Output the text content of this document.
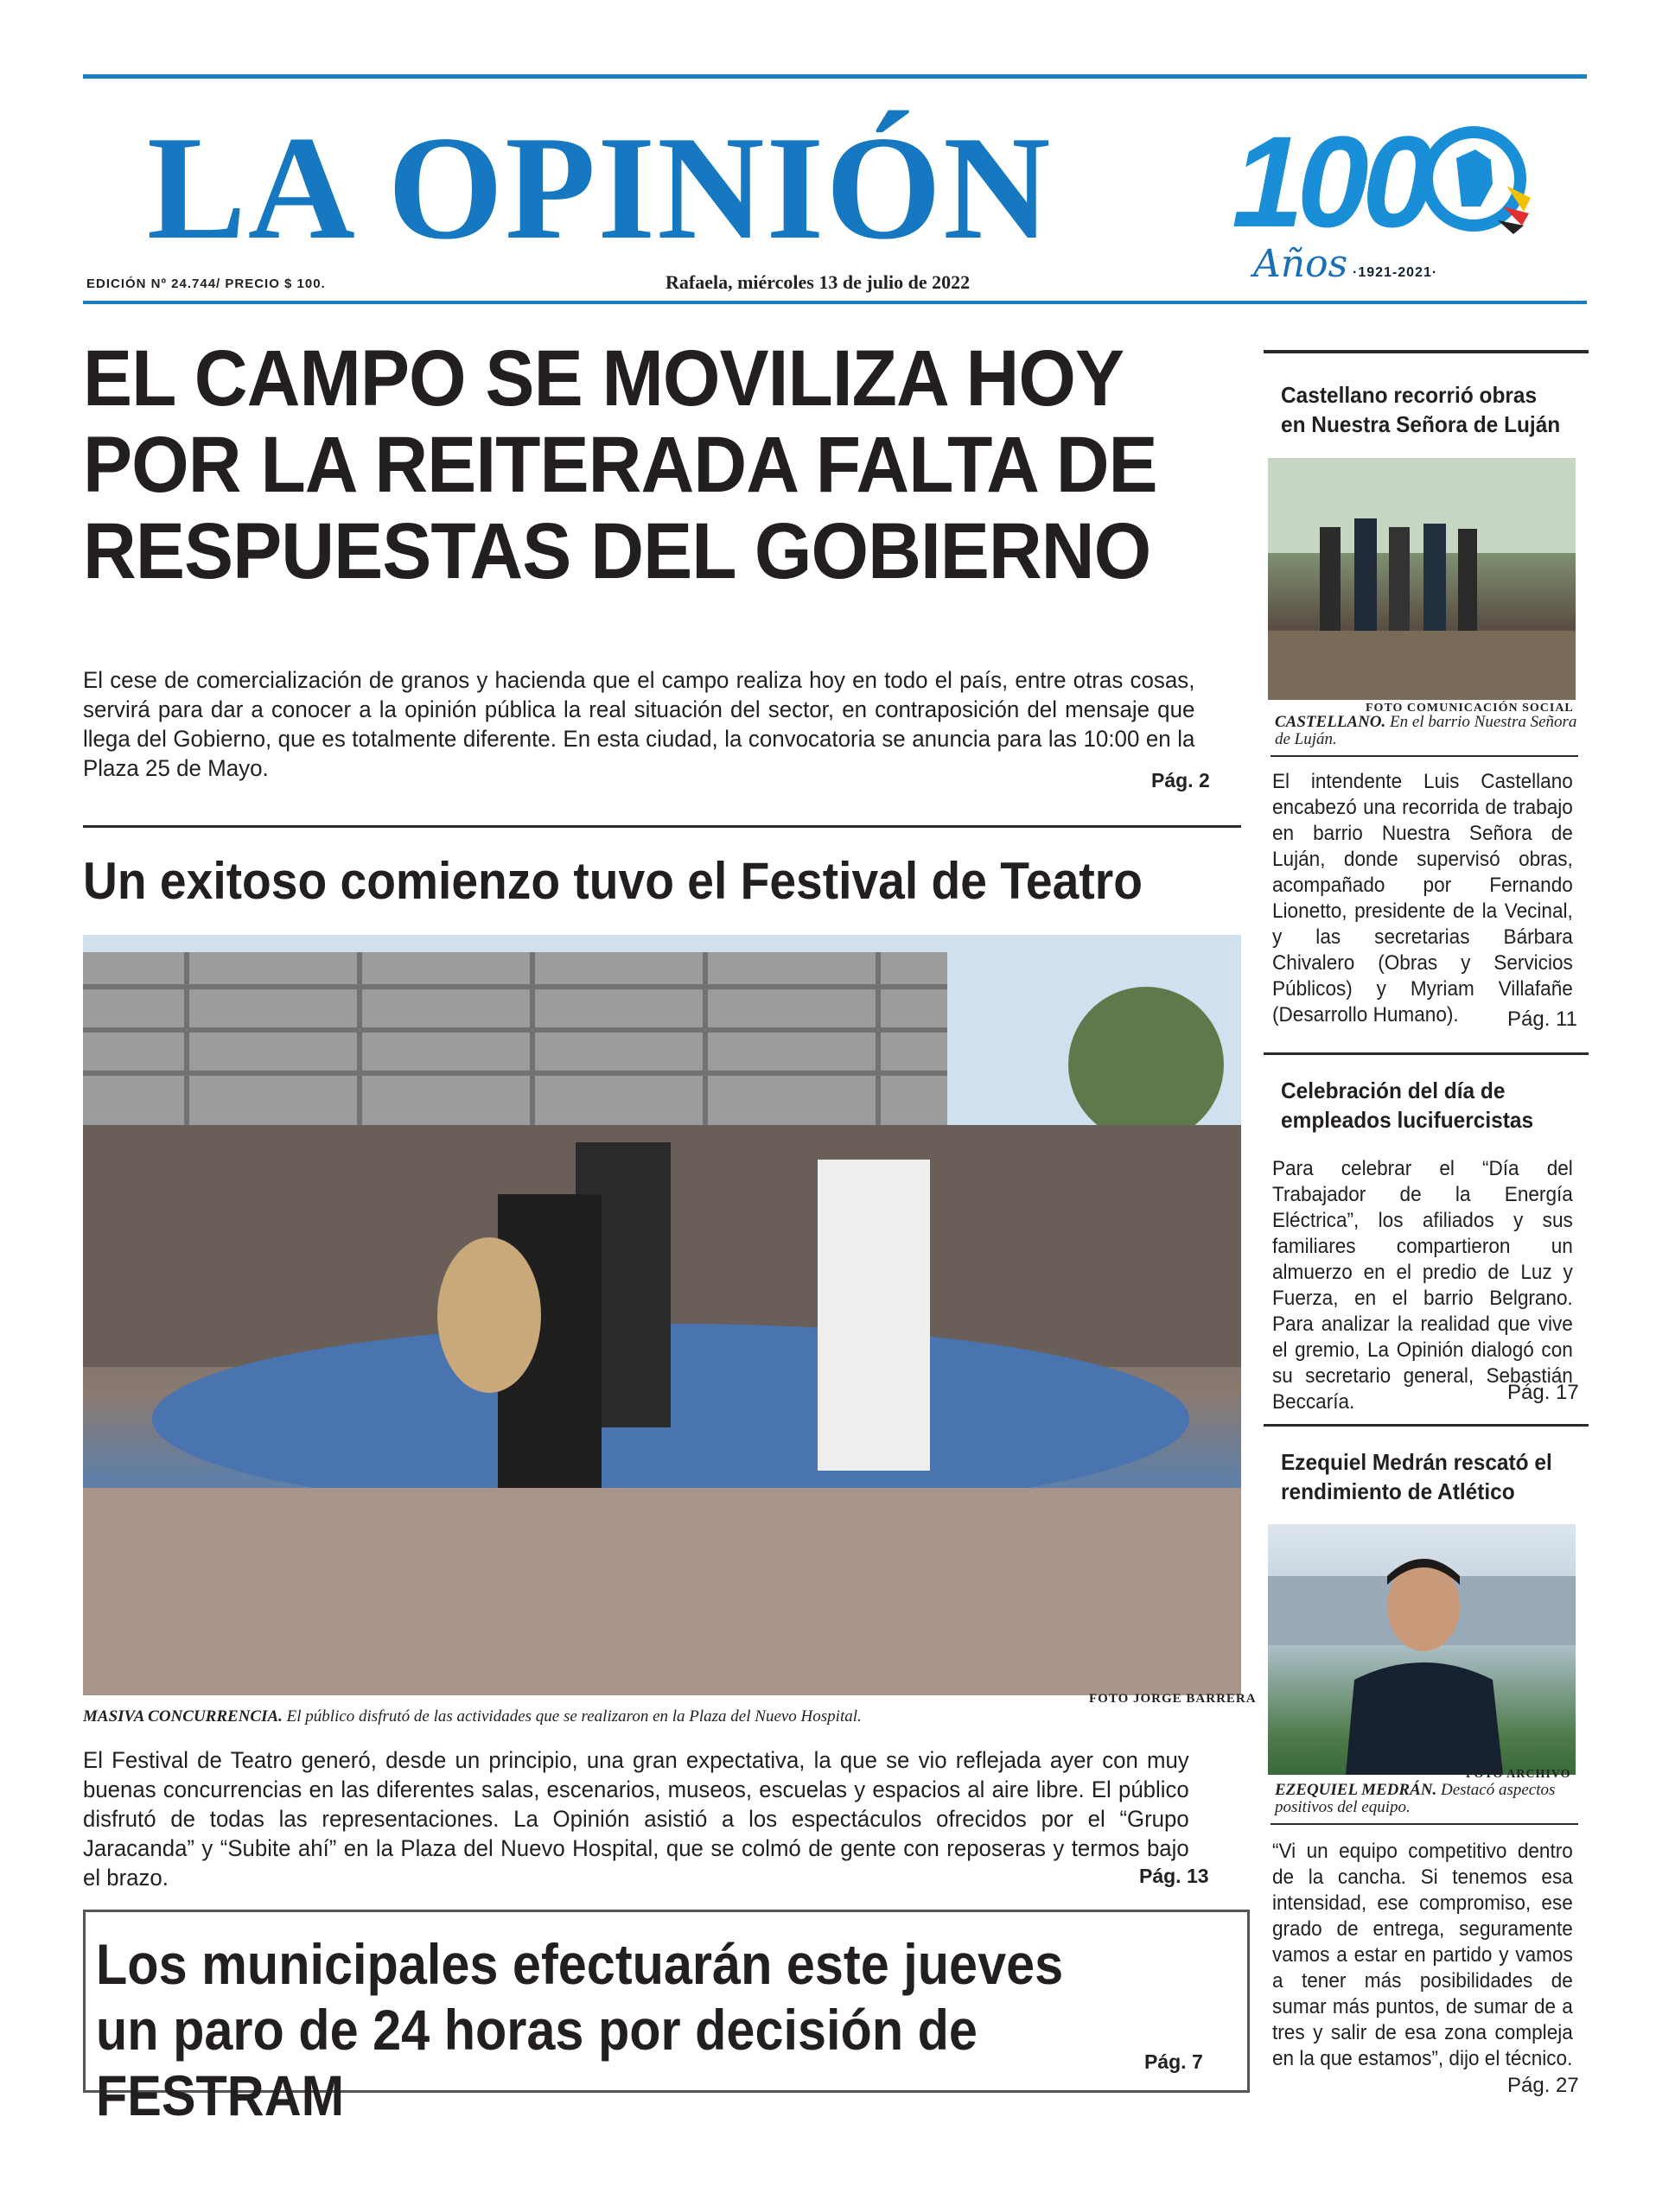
LA OPINIÓN	100
Años ·1921-2021·
EDICIÓN Nº 24.744/ PRECIO $ 100.	Rafaela, miércoles 13 de julio de 2022
EL CAMPO SE MOVILIZA HOY
POR LA REITERADA FALTA DE
RESPUESTAS DEL GOBIERNO
El cese de comercialización de granos y hacienda que el campo realiza hoy en todo el país, entre otras cosas, servirá para dar a conocer a la opinión pública la real situación del sector, en contraposición del mensaje que llega del Gobierno, que es totalmente diferente. En esta ciudad, la convocatoria se anuncia para las 10:00 en la Plaza 25 de Mayo.	Pág. 2
Un exitoso comienzo tuvo el Festival de Teatro
FOTO JORGE BARRERA
MASIVA CONCURRENCIA. El público disfrutó de las actividades que se realizaron en la Plaza del Nuevo Hospital.
El Festival de Teatro generó, desde un principio, una gran expectativa, la que se vio reflejada ayer con muy buenas concurrencias en las diferentes salas, escenarios, museos, escuelas y espacios al aire libre. El público disfrutó de todas las representaciones. La Opinión asistió a los espectáculos ofrecidos por el “Grupo Jaracanda” y “Subite ahí” en la Plaza del Nuevo Hospital, que se colmó de gente con reposeras y termos bajo el brazo.	Pág. 13
Los municipales efectuarán este jueves un paro de 24 horas por decisión de FESTRAM
Pág. 7
Castellano recorrió obras en Nuestra Señora de Luján
FOTO COMUNICACIÓN SOCIAL
CASTELLANO. En el barrio Nuestra Señora de Luján.
El intendente Luis Castellano encabezó una recorrida de trabajo en barrio Nuestra Señora de Luján, donde supervisó obras, acompañado por Fernando Lionetto, presidente de la Vecinal, y las secretarias Bárbara Chivalero (Obras y Servicios Públicos) y Myriam Villafañe (Desarrollo Humano).	Pág. 11
Celebración del día de empleados lucifuercistas
Para celebrar el “Día del Trabajador de la Energía Eléctrica”, los afiliados y sus familiares compartieron un almuerzo en el predio de Luz y Fuerza, en el barrio Belgrano. Para analizar la realidad que vive el gremio, La Opinión dialogó con su secretario general, Sebastián Beccaría.	Pág. 17
Ezequiel Medrán rescató el rendimiento de Atlético
FOTO ARCHIVO
EZEQUIEL MEDRÁN. Destacó aspectos positivos del equipo.
“Vi un equipo competitivo dentro de la cancha. Si tenemos esa intensidad, ese compromiso, ese grado de entrega, seguramente vamos a estar en partido y vamos a tener más posibilidades de sumar más puntos, de sumar de a tres y salir de esa zona compleja en la que estamos”, dijo el técnico.
Pág. 27
